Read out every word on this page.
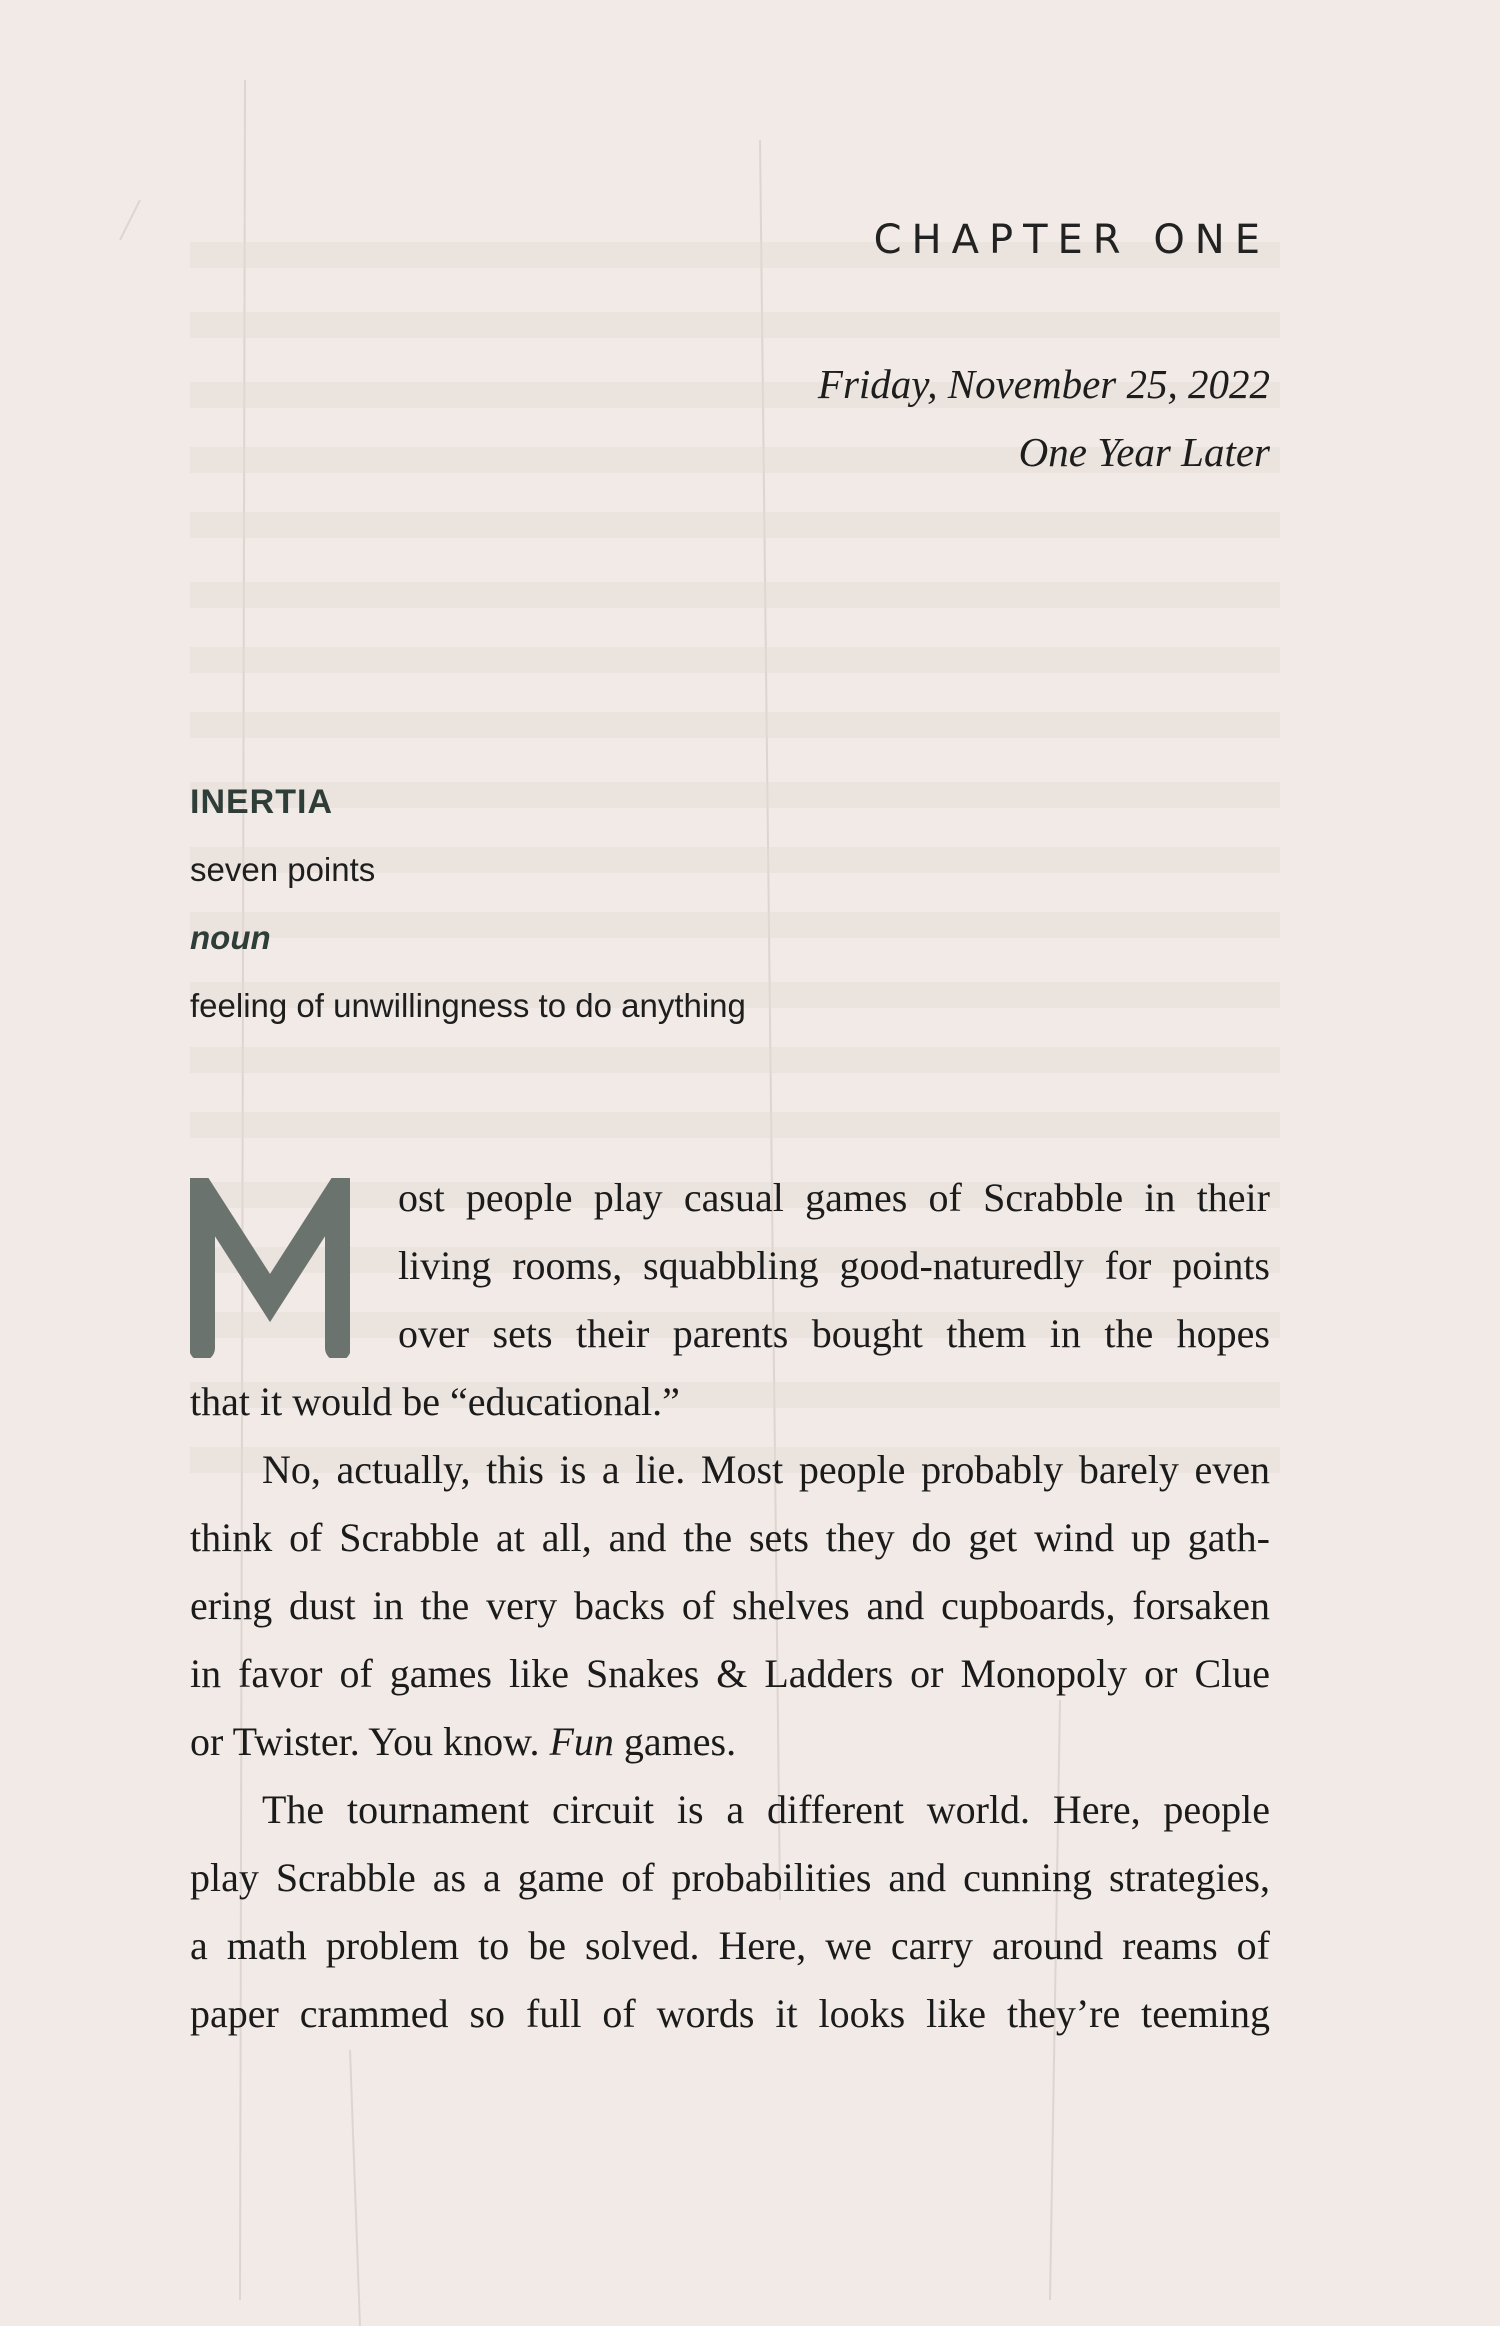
CHAPTER ONE
Friday, November 25, 2022
One Year Later
INERTIA
seven points
noun
feeling of unwillingness to do anything

ost people play casual games of Scrabble in their
living rooms, squabbling good-naturedly for points
over sets their parents bought them in the hopes
that it would be “educational.”

No, actually, this is a lie. Most people probably barely even
think of Scrabble at all, and the sets they do get wind up gath-
ering dust in the very backs of shelves and cupboards, forsaken
in favor of games like Snakes & Ladders or Monopoly or Clue
or Twister. You know. Fun games.

The tournament circuit is a different world. Here, people
play Scrabble as a game of probabilities and cunning strategies,
a math problem to be solved. Here, we carry around reams of
paper crammed so full of words it looks like they’re teeming
